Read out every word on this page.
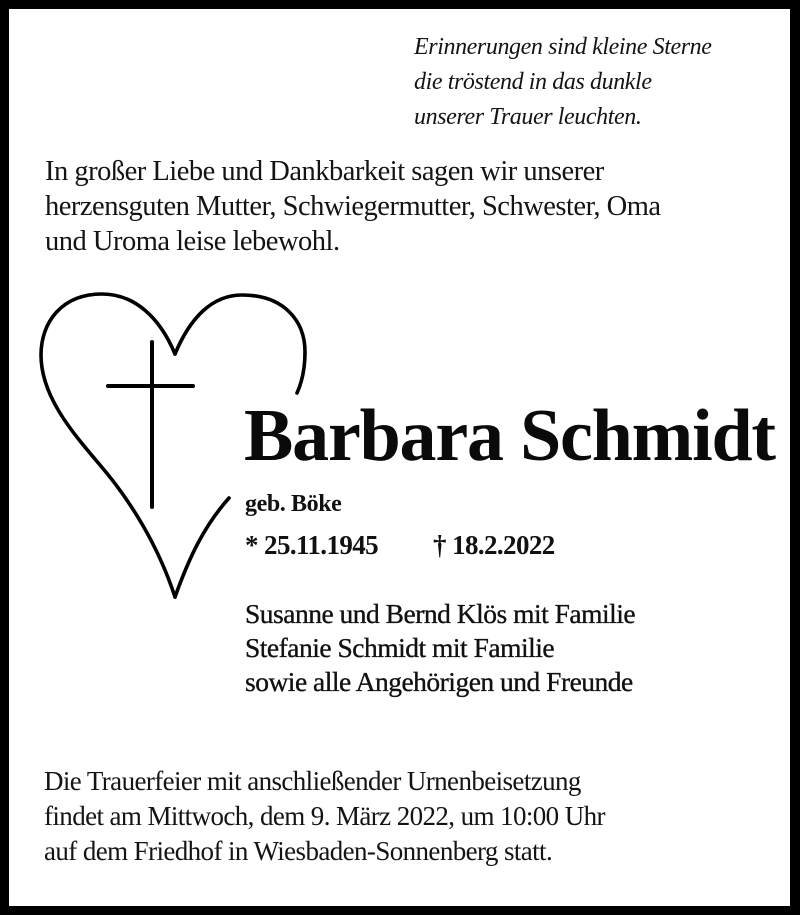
Erinnerungen sind kleine Sterne
die tröstend in das dunkle
unserer Trauer leuchten.
In großer Liebe und Dankbarkeit sagen wir unserer
herzensguten Mutter, Schwiegermutter, Schwester, Oma
und Uroma leise lebewohl.
Barbara Schmidt
geb. Böke
* 25.11.1945 † 18.2.2022
Susanne und Bernd Klös mit Familie
Stefanie Schmidt mit Familie
sowie alle Angehörigen und Freunde
Die Trauerfeier mit anschließender Urnenbeisetzung
findet am Mittwoch, dem 9. März 2022, um 10:00 Uhr
auf dem Friedhof in Wiesbaden-Sonnenberg statt.
